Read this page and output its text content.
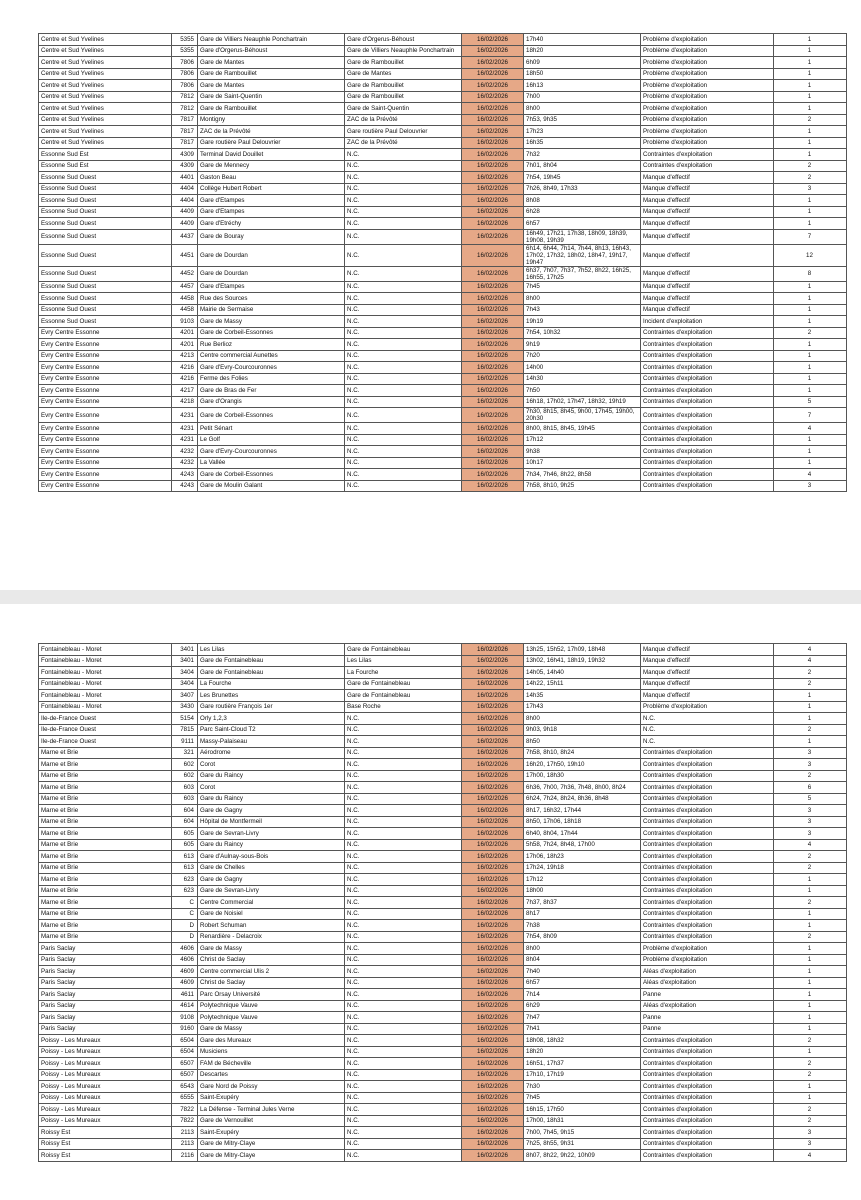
Centre et Sud Yvelines	5355	Gare de Villiers Neauphle Ponchartrain	Gare d'Orgerus-Béhoust	16/02/2026	17h40	Problème d'exploitation	1
Centre et Sud Yvelines	5355	Gare d'Orgerus-Béhoust	Gare de Villiers Neauphle Ponchartrain	16/02/2026	18h20	Problème d'exploitation	1
Centre et Sud Yvelines	7806	Gare de Mantes	Gare de Rambouillet	16/02/2026	6h09	Problème d'exploitation	1
Centre et Sud Yvelines	7806	Gare de Rambouillet	Gare de Mantes	16/02/2026	18h50	Problème d'exploitation	1
Centre et Sud Yvelines	7806	Gare de Mantes	Gare de Rambouillet	16/02/2026	16h13	Problème d'exploitation	1
Centre et Sud Yvelines	7812	Gare de Saint-Quentin	Gare de Rambouillet	16/02/2026	7h00	Problème d'exploitation	1
Centre et Sud Yvelines	7812	Gare de Rambouillet	Gare de Saint-Quentin	16/02/2026	8h00	Problème d'exploitation	1
Centre et Sud Yvelines	7817	Montigny	ZAC de la Prévôté	16/02/2026	7h53, 9h35	Problème d'exploitation	2
Centre et Sud Yvelines	7817	ZAC de la Prévôté	Gare routière Paul Delouvrier	16/02/2026	17h23	Problème d'exploitation	1
Centre et Sud Yvelines	7817	Gare routière Paul Delouvrier	ZAC de la Prévôté	16/02/2026	16h35	Problème d'exploitation	1
Essonne Sud Est	4309	Terminal David Douillet	N.C.	16/02/2026	7h32	Contraintes d'exploitation	1
Essonne Sud Est	4309	Gare de Mennecy	N.C.	16/02/2026	7h01, 8h04	Contraintes d'exploitation	2
Essonne Sud Ouest	4401	Gaston Beau	N.C.	16/02/2026	7h54, 19h45	Manque d'effectif	2
Essonne Sud Ouest	4404	Collège Hubert Robert	N.C.	16/02/2026	7h26, 8h49, 17h33	Manque d'effectif	3
Essonne Sud Ouest	4404	Gare d'Etampes	N.C.	16/02/2026	8h08	Manque d'effectif	1
Essonne Sud Ouest	4409	Gare d'Etampes	N.C.	16/02/2026	6h28	Manque d'effectif	1
Essonne Sud Ouest	4409	Gare d'Etréchy	N.C.	16/02/2026	6h57	Manque d'effectif	1
Essonne Sud Ouest	4437	Gare de Bouray	N.C.	16/02/2026	16h49, 17h21, 17h38, 18h09, 18h39, 19h08, 19h39	Manque d'effectif	7
Essonne Sud Ouest	4451	Gare de Dourdan	N.C.	16/02/2026	6h14, 6h44, 7h14, 7h44, 8h13, 16h43, 17h02, 17h32, 18h02, 18h47, 19h17, 19h47	Manque d'effectif	12
Essonne Sud Ouest	4452	Gare de Dourdan	N.C.	16/02/2026	6h37, 7h07, 7h37, 7h52, 8h22, 16h25, 16h55, 17h25	Manque d'effectif	8
Essonne Sud Ouest	4457	Gare d'Etampes	N.C.	16/02/2026	7h45	Manque d'effectif	1
Essonne Sud Ouest	4458	Rue des Sources	N.C.	16/02/2026	8h00	Manque d'effectif	1
Essonne Sud Ouest	4458	Mairie de Sermaise	N.C.	16/02/2026	7h43	Manque d'effectif	1
Essonne Sud Ouest	9103	Gare de Massy	N.C.	16/02/2026	19h19	Incident d'exploitation	1
Evry Centre Essonne	4201	Gare de Corbeil-Essonnes	N.C.	16/02/2026	7h54, 10h32	Contraintes d'exploitation	2
Evry Centre Essonne	4201	Rue Berlioz	N.C.	16/02/2026	9h19	Contraintes d'exploitation	1
Evry Centre Essonne	4213	Centre commercial Aunettes	N.C.	16/02/2026	7h20	Contraintes d'exploitation	1
Evry Centre Essonne	4216	Gare d'Evry-Courcouronnes	N.C.	16/02/2026	14h00	Contraintes d'exploitation	1
Evry Centre Essonne	4216	Ferme des Folies	N.C.	16/02/2026	14h30	Contraintes d'exploitation	1
Evry Centre Essonne	4217	Gare de Bras de Fer	N.C.	16/02/2026	7h50	Contraintes d'exploitation	1
Evry Centre Essonne	4218	Gare d'Orangis	N.C.	16/02/2026	16h18, 17h02, 17h47, 18h32, 19h19	Contraintes d'exploitation	5
Evry Centre Essonne	4231	Gare de Corbeil-Essonnes	N.C.	16/02/2026	7h30, 8h15, 8h45, 9h00, 17h45, 19h00, 20h30	Contraintes d'exploitation	7
Evry Centre Essonne	4231	Petit Sénart	N.C.	16/02/2026	8h00, 8h15, 8h45, 19h45	Contraintes d'exploitation	4
Evry Centre Essonne	4231	Le Golf	N.C.	16/02/2026	17h12	Contraintes d'exploitation	1
Evry Centre Essonne	4232	Gare d'Evry-Courcouronnes	N.C.	16/02/2026	9h38	Contraintes d'exploitation	1
Evry Centre Essonne	4232	La Vallée	N.C.	16/02/2026	10h17	Contraintes d'exploitation	1
Evry Centre Essonne	4243	Gare de Corbeil-Essonnes	N.C.	16/02/2026	7h34, 7h46, 8h22, 8h58	Contraintes d'exploitation	4
Evry Centre Essonne	4243	Gare de Moulin Galant	N.C.	16/02/2026	7h58, 8h10, 9h25	Contraintes d'exploitation	3
Fontainebleau - Moret	3401	Les Lilas	Gare de Fontainebleau	16/02/2026	13h25, 15h52, 17h09, 18h48	Manque d'effectif	4
Fontainebleau - Moret	3401	Gare de Fontainebleau	Les Lilas	16/02/2026	13h02, 16h41, 18h19, 19h32	Manque d'effectif	4
Fontainebleau - Moret	3404	Gare de Fontainebleau	La Fourche	16/02/2026	14h05, 14h40	Manque d'effectif	2
Fontainebleau - Moret	3404	La Fourche	Gare de Fontainebleau	16/02/2026	14h22, 15h11	Manque d'effectif	2
Fontainebleau - Moret	3407	Les Brunettes	Gare de Fontainebleau	16/02/2026	14h35	Manque d'effectif	1
Fontainebleau - Moret	3430	Gare routière François 1er	Base Roche	16/02/2026	17h43	Problème d'exploitation	1
Ile-de-France Ouest	5154	Orly 1,2,3	N.C.	16/02/2026	8h00	N.C.	1
Ile-de-France Ouest	7815	Parc Saint-Cloud T2	N.C.	16/02/2026	9h03, 9h18	N.C.	2
Ile-de-France Ouest	9111	Massy-Palaiseau	N.C.	16/02/2026	8h50	N.C.	1
Marne et Brie	321	Aérodrome	N.C.	16/02/2026	7h58, 8h10, 8h24	Contraintes d'exploitation	3
Marne et Brie	602	Corot	N.C.	16/02/2026	16h20, 17h50, 19h10	Contraintes d'exploitation	3
Marne et Brie	602	Gare du Raincy	N.C.	16/02/2026	17h00, 18h30	Contraintes d'exploitation	2
Marne et Brie	603	Corot	N.C.	16/02/2026	6h36, 7h00, 7h36, 7h48, 8h00, 8h24	Contraintes d'exploitation	6
Marne et Brie	603	Gare du Raincy	N.C.	16/02/2026	6h24, 7h24, 8h24, 8h36, 8h48	Contraintes d'exploitation	5
Marne et Brie	604	Gare de Gagny	N.C.	16/02/2026	8h17, 16h32, 17h44	Contraintes d'exploitation	3
Marne et Brie	604	Hôpital de Montfermeil	N.C.	16/02/2026	8h50, 17h06, 18h18	Contraintes d'exploitation	3
Marne et Brie	605	Gare de Sevran-Livry	N.C.	16/02/2026	6h40, 8h04, 17h44	Contraintes d'exploitation	3
Marne et Brie	605	Gare du Raincy	N.C.	16/02/2026	5h58, 7h24, 8h48, 17h00	Contraintes d'exploitation	4
Marne et Brie	613	Gare d'Aulnay-sous-Bois	N.C.	16/02/2026	17h06, 18h23	Contraintes d'exploitation	2
Marne et Brie	613	Gare de Chelles	N.C.	16/02/2026	17h24, 19h18	Contraintes d'exploitation	2
Marne et Brie	623	Gare de Gagny	N.C.	16/02/2026	17h12	Contraintes d'exploitation	1
Marne et Brie	623	Gare de Sevran-Livry	N.C.	16/02/2026	18h00	Contraintes d'exploitation	1
Marne et Brie	C	Centre Commercial	N.C.	16/02/2026	7h37, 8h37	Contraintes d'exploitation	2
Marne et Brie	C	Gare de Noisiel	N.C.	16/02/2026	8h17	Contraintes d'exploitation	1
Marne et Brie	D	Robert Schuman	N.C.	16/02/2026	7h38	Contraintes d'exploitation	1
Marne et Brie	D	Renardière - Delacroix	N.C.	16/02/2026	7h54, 8h09	Contraintes d'exploitation	2
Paris Saclay	4606	Gare de Massy	N.C.	16/02/2026	8h00	Problème d'exploitation	1
Paris Saclay	4606	Christ de Saclay	N.C.	16/02/2026	8h04	Problème d'exploitation	1
Paris Saclay	4609	Centre commercial Ulis 2	N.C.	16/02/2026	7h40	Aléas d'exploitation	1
Paris Saclay	4609	Christ de Saclay	N.C.	16/02/2026	6h57	Aléas d'exploitation	1
Paris Saclay	4611	Parc Orsay Université	N.C.	16/02/2026	7h14	Panne	1
Paris Saclay	4614	Polytechnique Vauve	N.C.	16/02/2026	6h29	Aléas d'exploitation	1
Paris Saclay	9108	Polytechnique Vauve	N.C.	16/02/2026	7h47	Panne	1
Paris Saclay	9160	Gare de Massy	N.C.	16/02/2026	7h41	Panne	1
Poissy - Les Mureaux	6504	Gare des Mureaux	N.C.	16/02/2026	18h08, 18h32	Contraintes d'exploitation	2
Poissy - Les Mureaux	6504	Musiciens	N.C.	16/02/2026	18h20	Contraintes d'exploitation	1
Poissy - Les Mureaux	6507	FAM de Bécheville	N.C.	16/02/2026	16h51, 17h37	Contraintes d'exploitation	2
Poissy - Les Mureaux	6507	Descartes	N.C.	16/02/2026	17h10, 17h19	Contraintes d'exploitation	2
Poissy - Les Mureaux	6543	Gare Nord de Poissy	N.C.	16/02/2026	7h30	Contraintes d'exploitation	1
Poissy - Les Mureaux	6555	Saint-Exupéry	N.C.	16/02/2026	7h45	Contraintes d'exploitation	1
Poissy - Les Mureaux	7822	La Défense - Terminal Jules Verne	N.C.	16/02/2026	16h15, 17h50	Contraintes d'exploitation	2
Poissy - Les Mureaux	7822	Gare de Vernouillet	N.C.	16/02/2026	17h00, 18h31	Contraintes d'exploitation	2
Roissy Est	2113	Saint-Exupéry	N.C.	16/02/2026	7h00, 7h45, 9h15	Contraintes d'exploitation	3
Roissy Est	2113	Gare de Mitry-Claye	N.C.	16/02/2026	7h25, 8h55, 9h31	Contraintes d'exploitation	3
Roissy Est	2116	Gare de Mitry-Claye	N.C.	16/02/2026	8h07, 8h22, 9h22, 10h09	Contraintes d'exploitation	4
